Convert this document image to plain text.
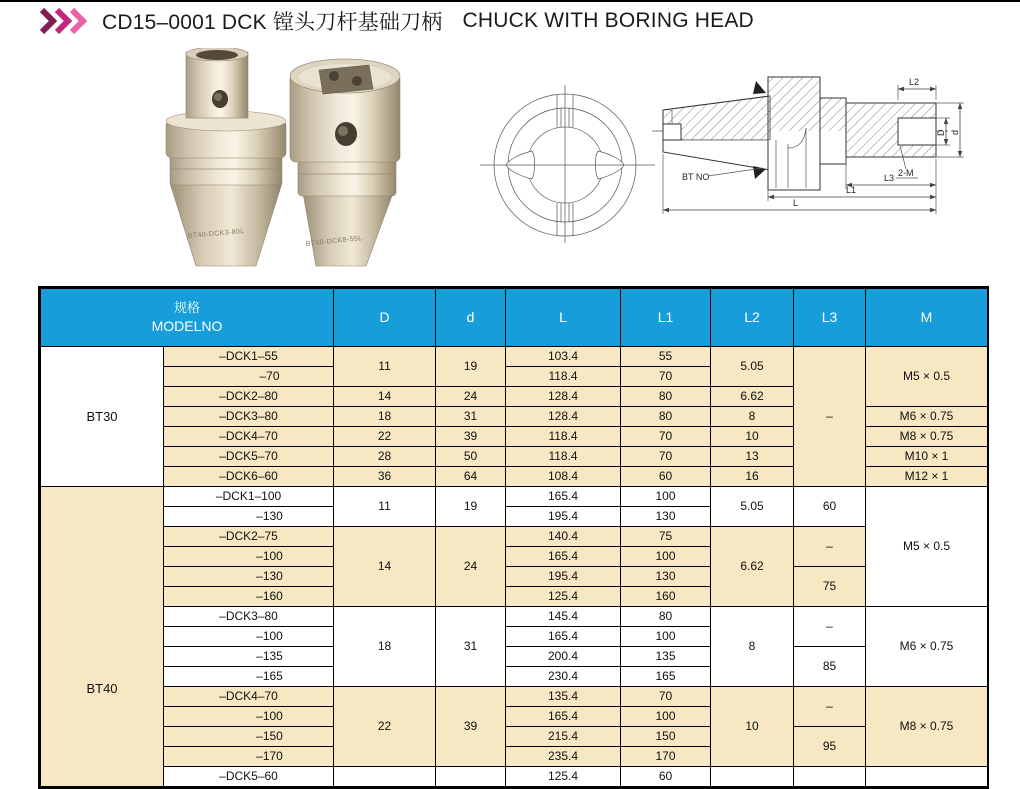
CD15–0001 DCK 镗头刀杆基础刀柄 CHUCK WITH BORING HEAD
BT40-DCK3-80L
BT40-DCK8-55L
L2
D d
2-M
L3
L1
L
BT NO
规格
MODELNO		D	d	L	L1	L2	L3	M
BT30	–DCK1–55	11	19	103.4	55	5.05	–	M5 × 0.5
	–70			118.4	70			
	–DCK2–80	14	24	128.4	80	6.62		
	–DCK3–80	18	31	128.4	80	8		M6 × 0.75
	–DCK4–70	22	39	118.4	70	10		M8 × 0.75
	–DCK5–70	28	50	118.4	70	13		M10 × 1
	–DCK6–60	36	64	108.4	60	16		M12 × 1
BT40	–DCK1–100	11	19	165.4	100	5.05	60	M5 × 0.5
	–130			195.4	130			
	–DCK2–75	14	24	140.4	75	6.62	–	
	–100			165.4	100			
	–130			195.4	130		75	
	–160			125.4	160			
	–DCK3–80	18	31	145.4	80	8	–	M6 × 0.75
	–100			165.4	100			
	–135			200.4	135		85	
	–165			230.4	165			
	–DCK4–70	22	39	135.4	70	10	–	M8 × 0.75
	–100			165.4	100			
	–150			215.4	150		95	
	–170			235.4	170			
	–DCK5–60			125.4	60			
